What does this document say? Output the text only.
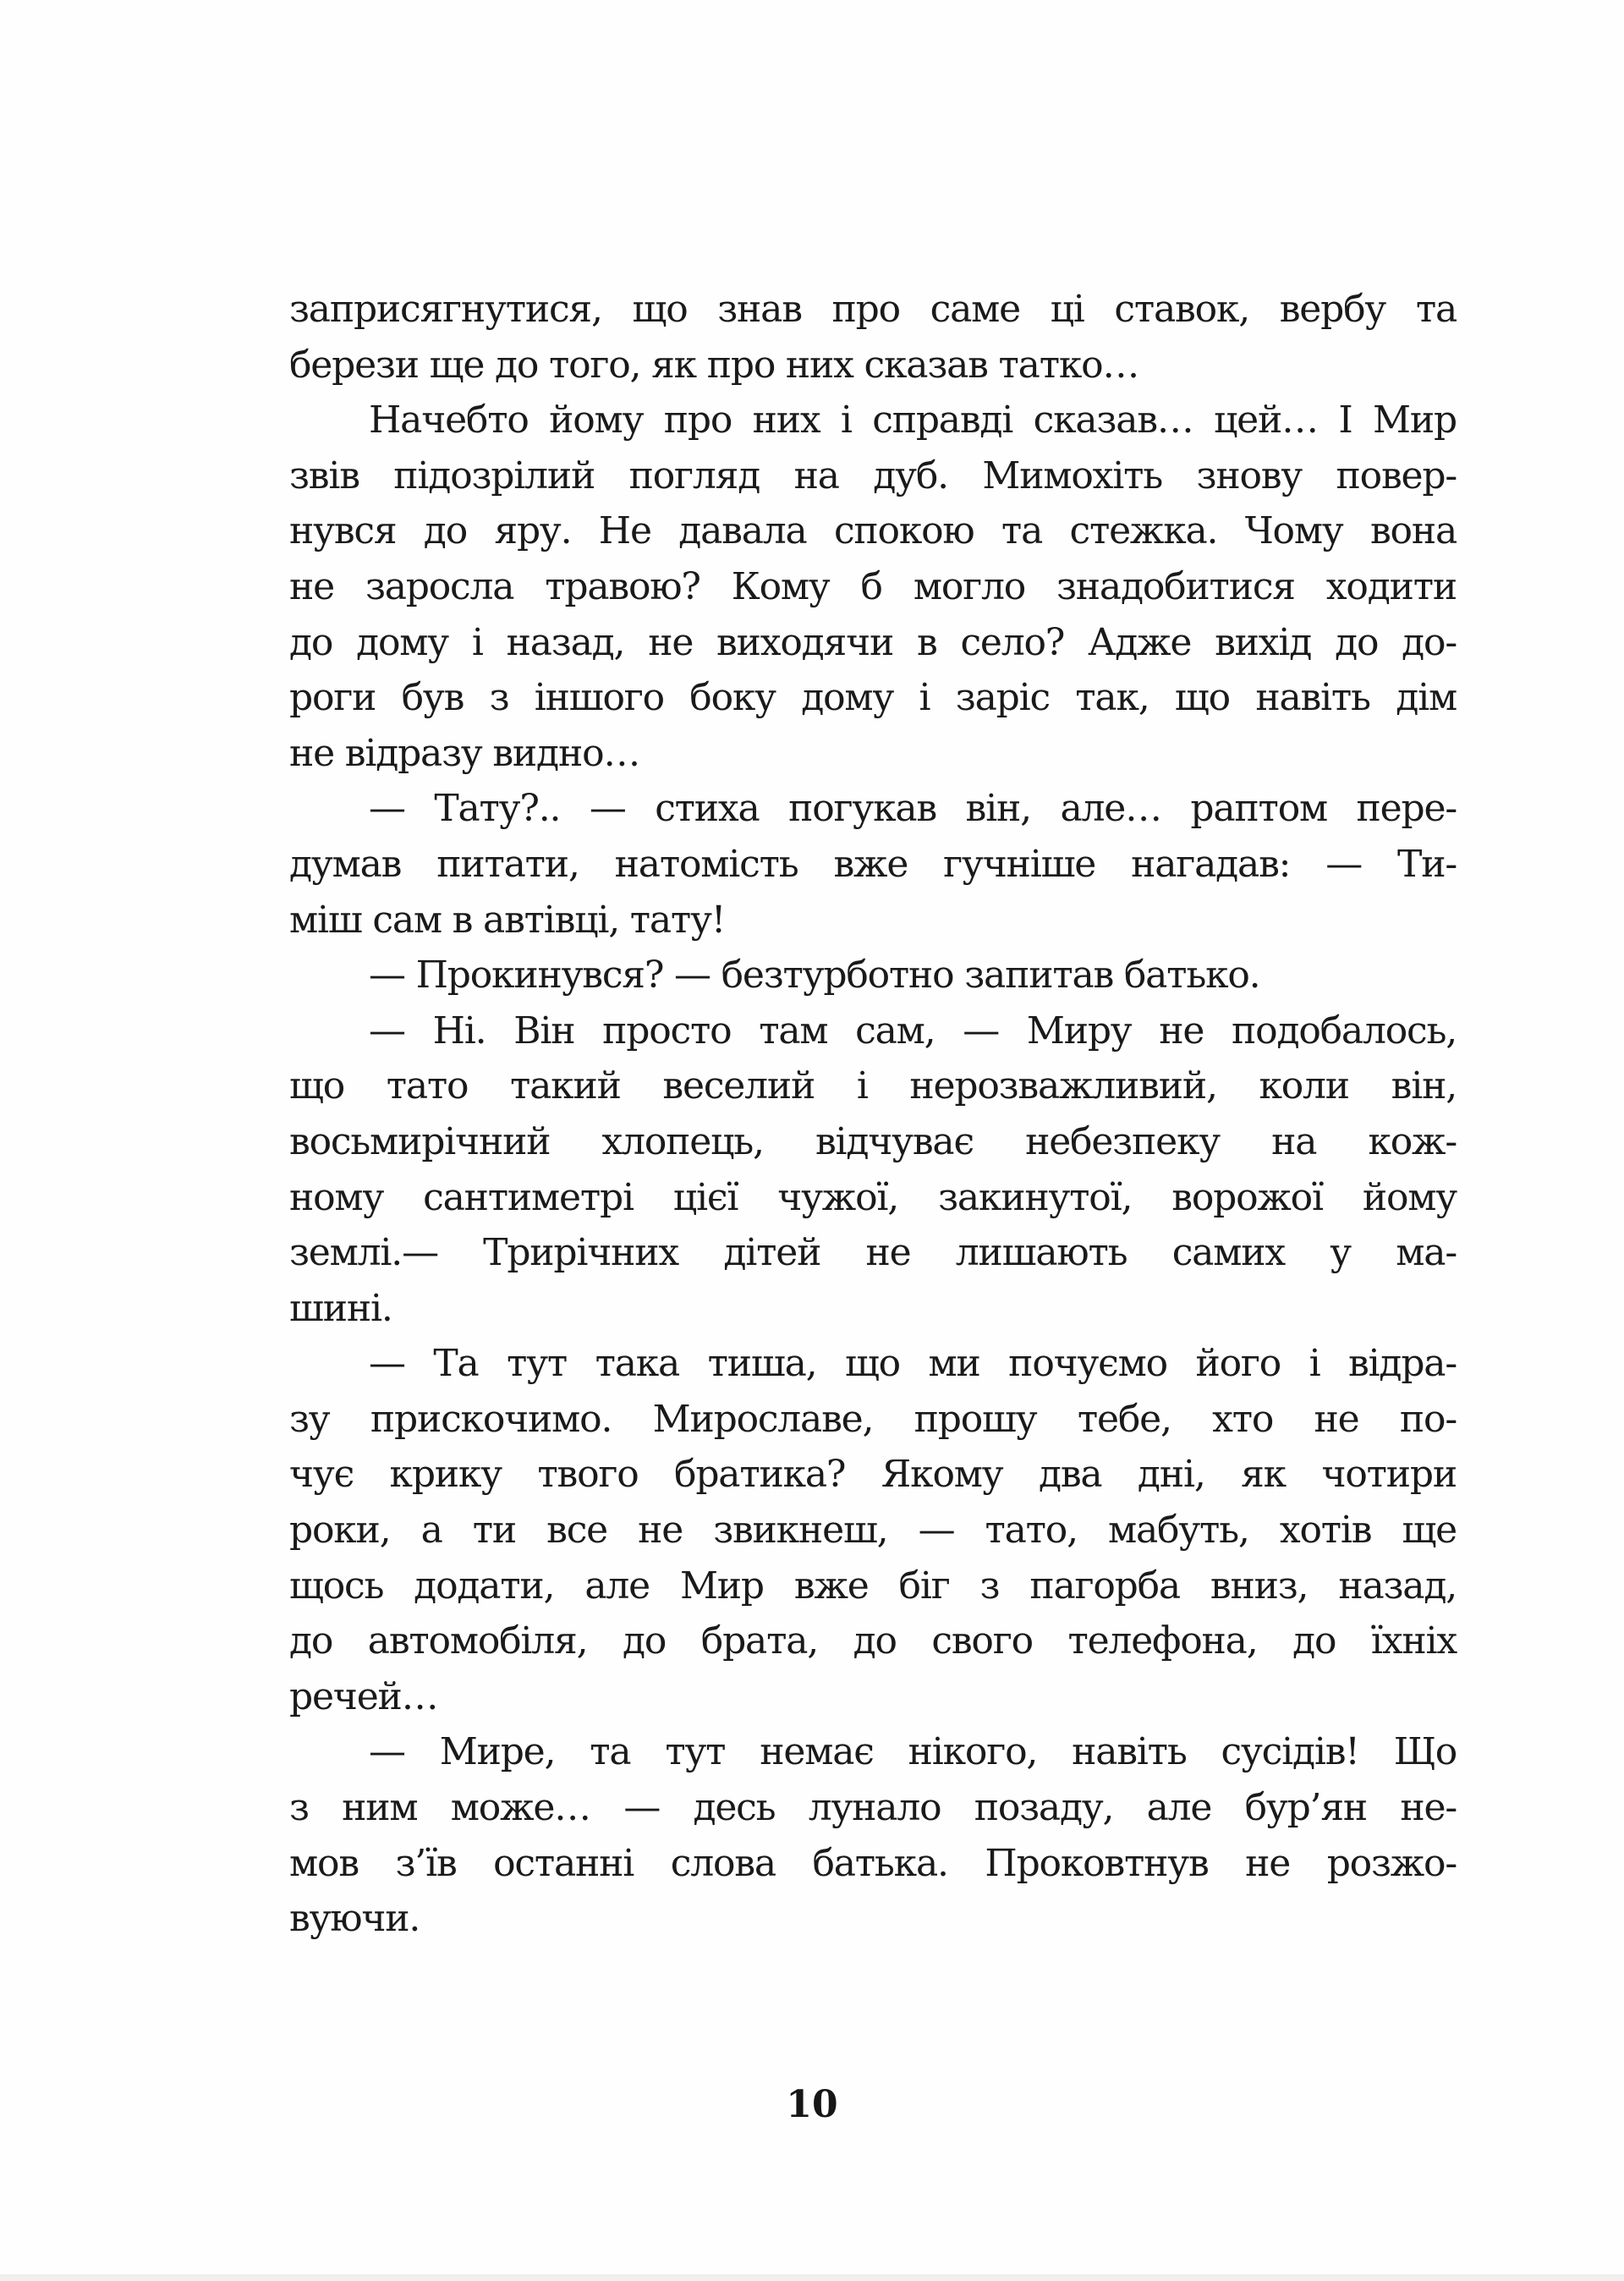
заприсягнутися, що знав про саме ці ставок, вербу та
берези ще до того, як про них сказав татко…
Начебто йому про них і справді сказав… цей… І Мир
звів підозрілий погляд на дуб. Мимохіть знову повер-
нувся до яру. Не давала спокою та стежка. Чому вона
не заросла травою? Кому б могло знадобитися ходити
до дому і назад, не виходячи в село? Адже вихід до до-
роги був з іншого боку дому і заріс так, що навіть дім
не відразу видно…
— Тату?.. — стиха погукав він, але… раптом пере-
думав питати, натомість вже гучніше нагадав: — Ти-
міш сам в автівці, тату!
— Прокинувся? — безтурботно запитав батько.
— Ні. Він просто там сам, — Миру не подобалось,
що тато такий веселий і нерозважливий, коли він,
восьмирічний хлопець, відчуває небезпеку на кож-
ному сантиметрі цієї чужої, закинутої, ворожої йому
землі.— Трирічних дітей не лишають самих у ма-
шині.
— Та тут така тиша, що ми почуємо його і відра-
зу прискочимо. Мирославе, прошу тебе, хто не по-
чує крику твого братика? Якому два дні, як чотири
роки, а ти все не звикнеш, — тато, мабуть, хотів ще
щось додати, але Мир вже біг з пагорба вниз, назад,
до автомобіля, до брата, до свого телефона, до їхніх
речей…
— Мире, та тут немає нікого, навіть сусідів! Що
з ним може… — десь лунало позаду, але бур’ян не-
мов з’їв останні слова батька. Проковтнув не розжо-
вуючи.
10
